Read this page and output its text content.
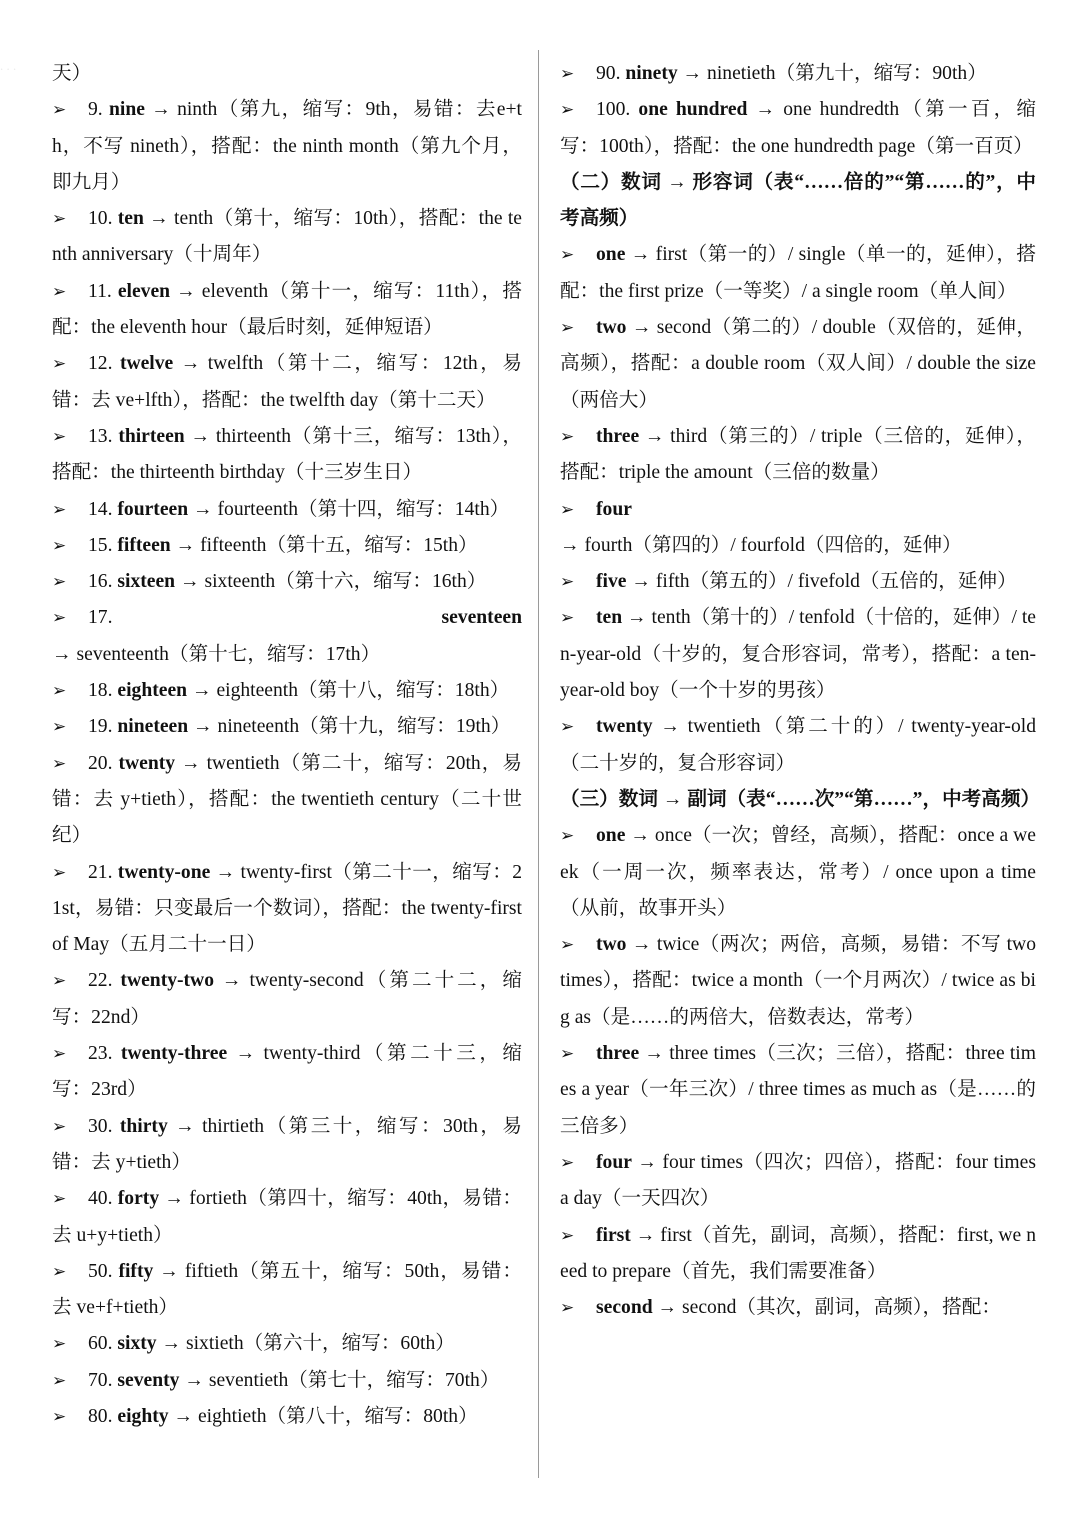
. . .	天）
➢ 9. nine → ninth（第九，缩写：9th，易错：去e+th，不写 nineth），搭配：the ninth month（第九个月，即九月）
➢ 10. ten → tenth（第十，缩写：10th），搭配：the tenth anniversary（十周年）
➢ 11. eleven → eleventh（第十一，缩写：11th），搭配：the eleventh hour（最后时刻，延伸短语）
➢ 12. twelve → twelfth（第十二，缩写：12th，易错：去 ve+lfth），搭配：the twelfth day（第十二天）
➢ 13. thirteen → thirteenth（第十三，缩写：13th），搭配：the thirteenth birthday（十三岁生日）
➢ 14. fourteen → fourteenth（第十四，缩写：14th）
➢ 15. fifteen → fifteenth（第十五，缩写：15th）
➢ 16. sixteen → sixteenth（第十六，缩写：16th）
➢ 17. seventeen → seventeenth（第十七，缩写：17th）
➢ 18. eighteen → eighteenth（第十八，缩写：18th）
➢ 19. nineteen → nineteenth（第十九，缩写：19th）
➢ 20. twenty → twentieth（第二十，缩写：20th，易错：去 y+tieth），搭配：the twentieth century（二十世纪）
➢ 21. twenty-one → twenty-first（第二十一，缩写：21st，易错：只变最后一个数词），搭配：the twenty-first of May（五月二十一日）
➢ 22. twenty-two → twenty-second（第二十二，缩写：22nd）
➢ 23. twenty-three → twenty-third（第二十三，缩写：23rd）
➢ 30. thirty → thirtieth（第三十，缩写：30th，易错：去 y+tieth）
➢ 40. forty → fortieth（第四十，缩写：40th，易错：去 u+y+tieth）
➢ 50. fifty → fiftieth（第五十，缩写：50th，易错：去 ve+f+tieth）
➢ 60. sixty → sixtieth（第六十，缩写：60th）
➢ 70. seventy → seventieth（第七十，缩写：70th）
➢ 80. eighty → eightieth（第八十，缩写：80th）
➢ 90. ninety → ninetieth（第九十，缩写：90th）
➢ 100. one hundred → one hundredth（第一百，缩写：100th），搭配：the one hundredth page（第一百页）
（二）数词 → 形容词（表“……倍的”“第……的”，中考高频）
➢ one → first（第一的）/ single（单一的，延伸），搭配：the first prize（一等奖）/ a single room（单人间）
➢ two → second（第二的）/ double（双倍的，延伸，高频），搭配：a double room（双人间）/ double the size（两倍大）
➢ three → third（第三的）/ triple（三倍的，延伸），搭配：triple the amount（三倍的数量）
➢ four → fourth（第四的）/ fourfold（四倍的，延伸）
➢ five → fifth（第五的）/ fivefold（五倍的，延伸）
➢ ten → tenth（第十的）/ tenfold（十倍的，延伸）/ ten-year-old（十岁的，复合形容词，常考），搭配：a ten-year-old boy（一个十岁的男孩）
➢ twenty → twentieth（第二十的）/ twenty-year-old（二十岁的，复合形容词）
（三）数词 → 副词（表“……次”“第……”，中考高频）
➢ one → once（一次；曾经，高频），搭配：once a week（一周一次，频率表达，常考）/ once upon a time（从前，故事开头）
➢ two → twice（两次；两倍，高频，易错：不写 two times），搭配：twice a month（一个月两次）/ twice as big as（是……的两倍大，倍数表达，常考）
➢ three → three times（三次；三倍），搭配：three times a year（一年三次）/ three times as much as（是……的三倍多）
➢ four → four times（四次；四倍），搭配：four times a day（一天四次）
➢ first → first（首先，副词，高频），搭配：first, we need to prepare（首先，我们需要准备）
➢ second → second（其次，副词，高频），搭配：
